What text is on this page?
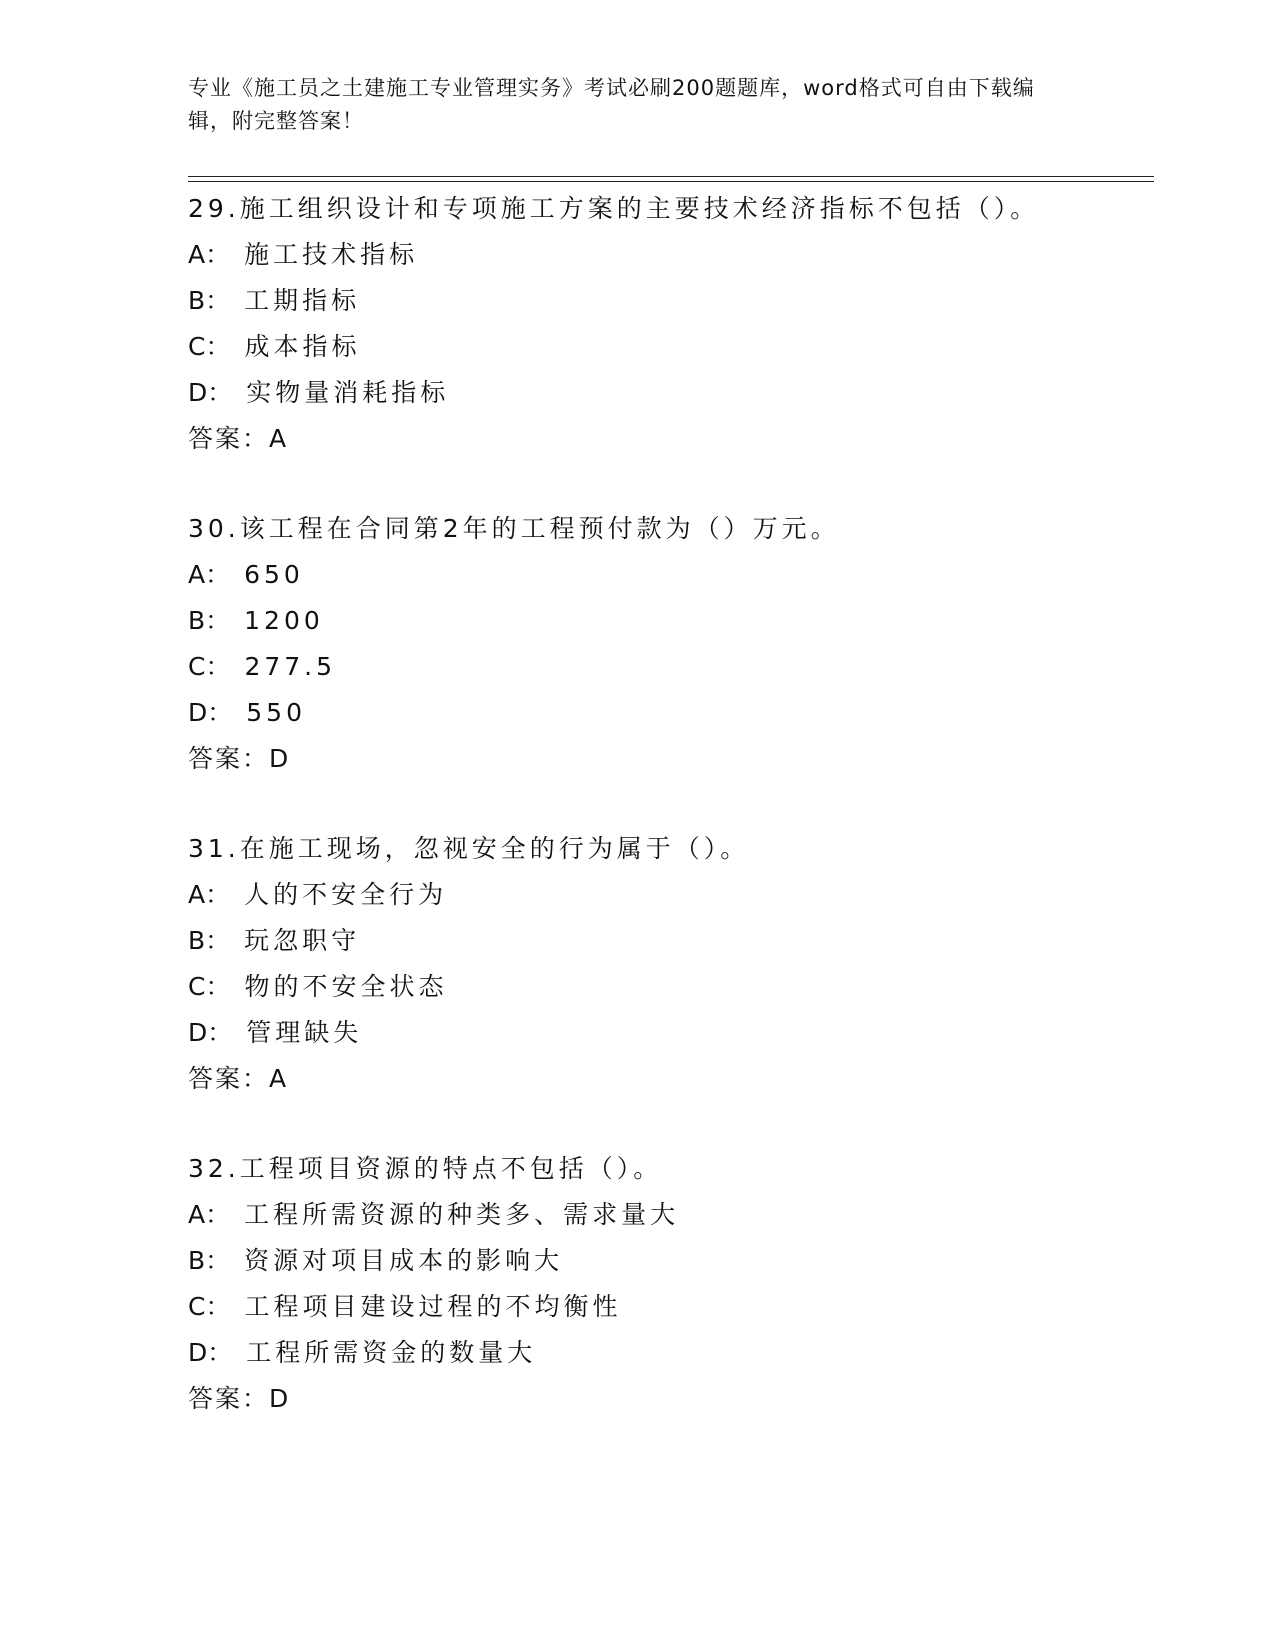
专业《施工员之土建施工专业管理实务》考试必刷200题题库，word格式可自由下载编辑，附完整答案！
29.施工组织设计和专项施工方案的主要技术经济指标不包括（）。
A： 施工技术指标
B： 工期指标
C： 成本指标
D： 实物量消耗指标
答案：A
30.该工程在合同第2年的工程预付款为（）万元。
A： 650
B： 1200
C： 277.5
D： 550
答案：D
31.在施工现场，忽视安全的行为属于（）。
A： 人的不安全行为
B： 玩忽职守
C： 物的不安全状态
D： 管理缺失
答案：A
32.工程项目资源的特点不包括（）。
A： 工程所需资源的种类多、需求量大
B： 资源对项目成本的影响大
C： 工程项目建设过程的不均衡性
D： 工程所需资金的数量大
答案：D
